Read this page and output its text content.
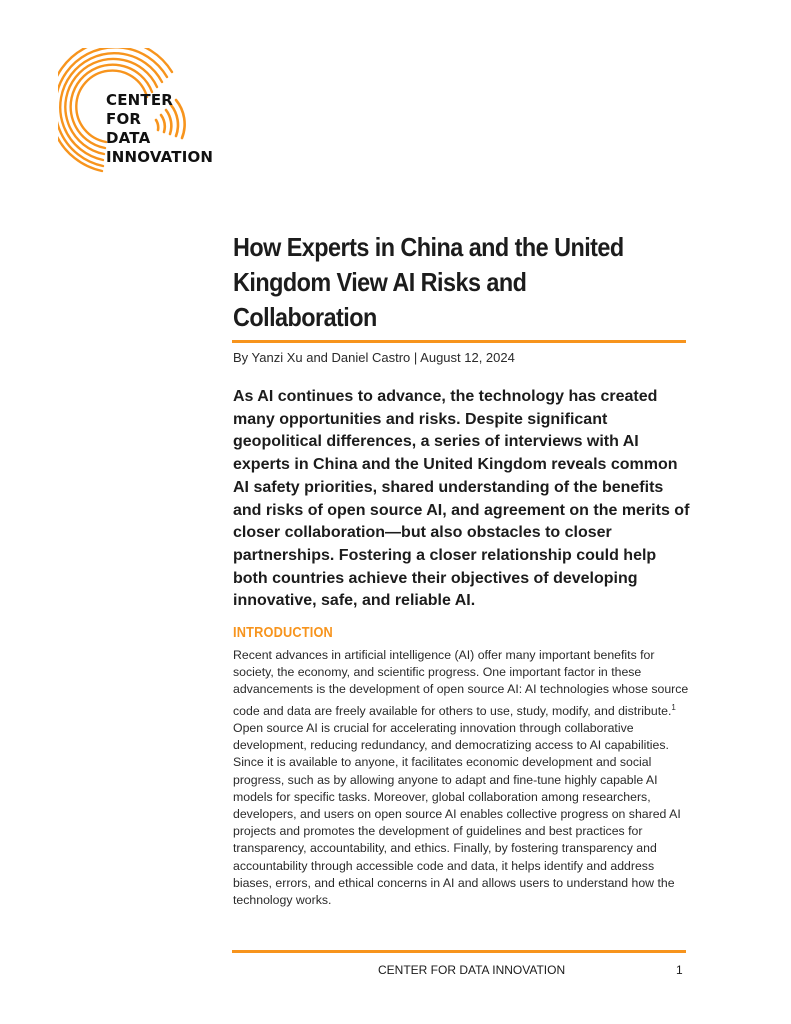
CENTER
FOR
DATA
INNOVATION
How Experts in China and the United Kingdom View AI Risks and Collaboration
By Yanzi Xu and Daniel Castro | August 12, 2024

As AI continues to advance, the technology has created many opportunities and risks. Despite significant geopolitical differences, a series of interviews with AI experts in China and the United Kingdom reveals common AI safety priorities, shared understanding of the benefits and risks of open source AI, and agreement on the merits of closer collaboration—but also obstacles to closer partnerships. Fostering a closer relationship could help both countries achieve their objectives of developing innovative, safe, and reliable AI.

INTRODUCTION

Recent advances in artificial intelligence (AI) offer many important benefits for society, the economy, and scientific progress. One important factor in these advancements is the development of open source AI: AI technologies whose source code and data are freely available for others to use, study, modify, and distribute.$^1$ Open source AI is crucial for accelerating innovation through collaborative development, reducing redundancy, and democratizing access to AI capabilities. Since it is available to anyone, it facilitates economic development and social progress, such as by allowing anyone to adapt and fine-tune highly capable AI models for specific tasks. Moreover, global collaboration among researchers, developers, and users on open source AI enables collective progress on shared AI projects and promotes the development of guidelines and best practices for transparency, accountability, and ethics. Finally, by fostering transparency and accountability through accessible code and data, it helps identify and address biases, errors, and ethical concerns in AI and allows users to understand how the technology works.

CENTER FOR DATA INNOVATION	1
